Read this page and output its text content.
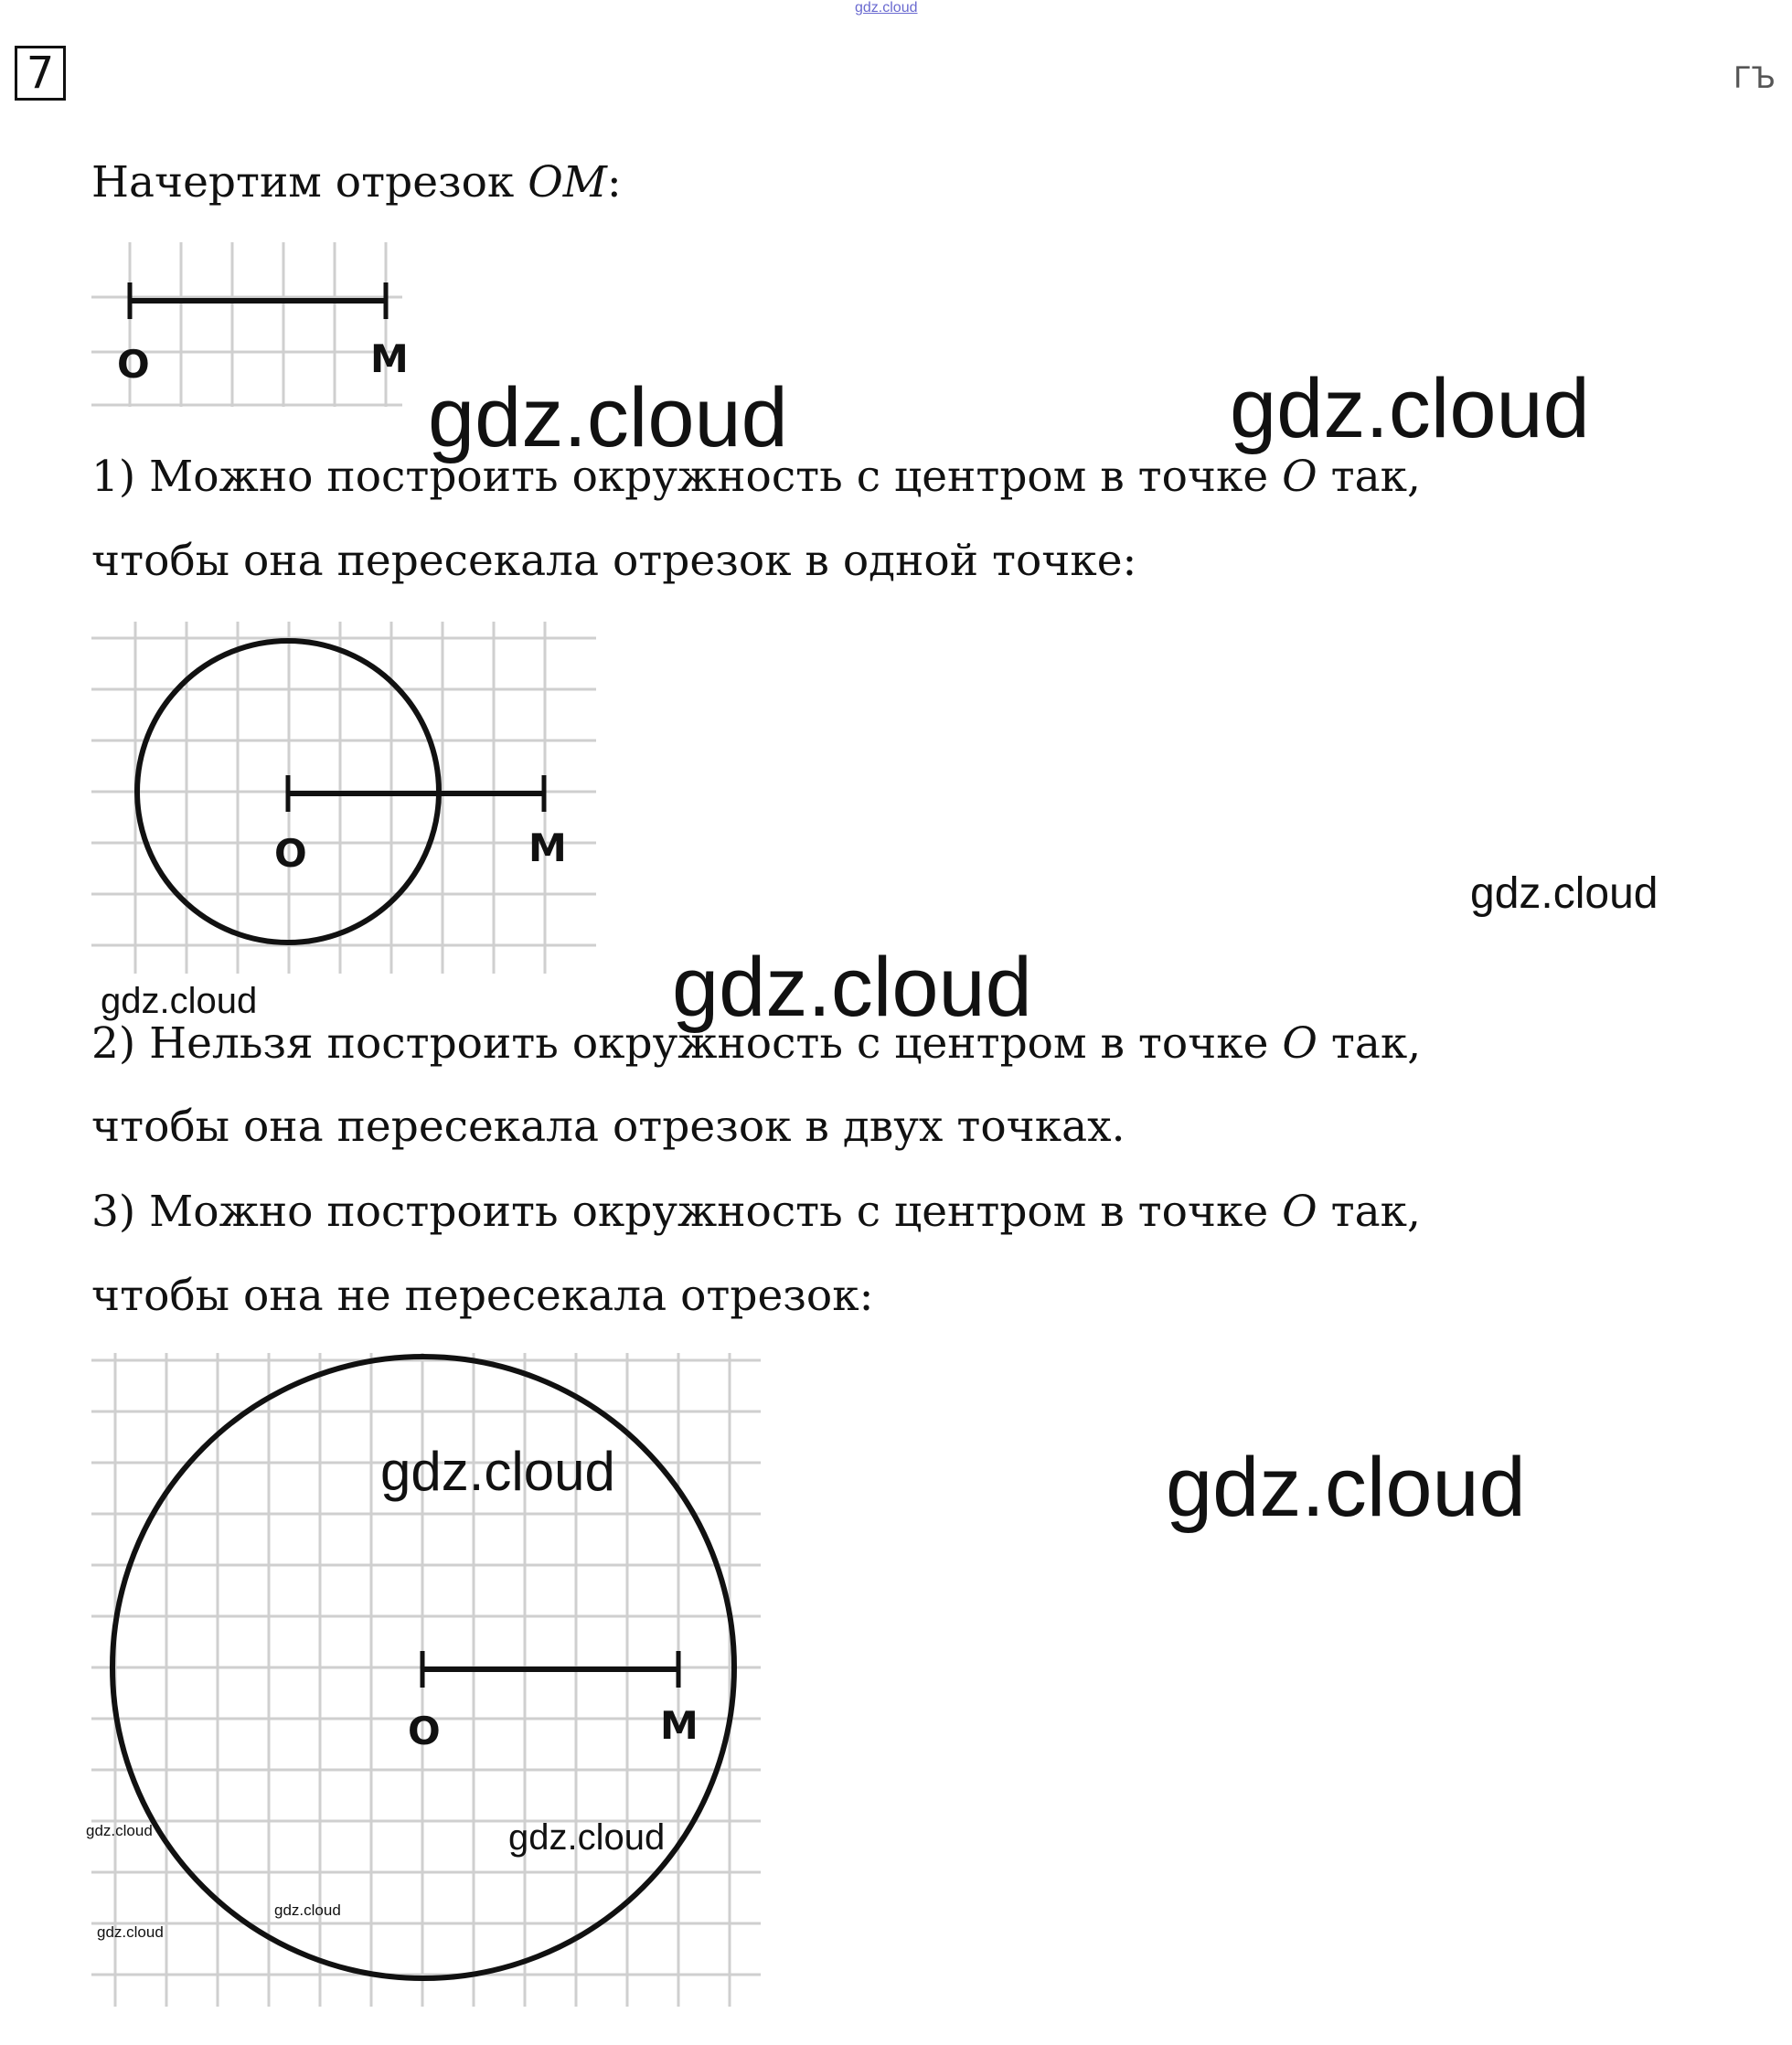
gdz.cloud
7	ГЪ
Начертим отрезок OM:
O	M
gdz.cloud	gdz.cloud
1) Можно построить окружность с центром в точке O так,
чтобы она пересекала отрезок в одной точке:
O	M
gdz.cloud
gdz.cloud	gdz.cloud
2) Нельзя построить окружность с центром в точке O так,
чтобы она пересекала отрезок в двух точках.
3) Можно построить окружность с центром в точке O так,
чтобы она не пересекала отрезок:
O	M
gdz.cloud	gdz.cloud
gdz.cloud
gdz.cloud
gdz.cloud
gdz.cloud
gdz.cloud
